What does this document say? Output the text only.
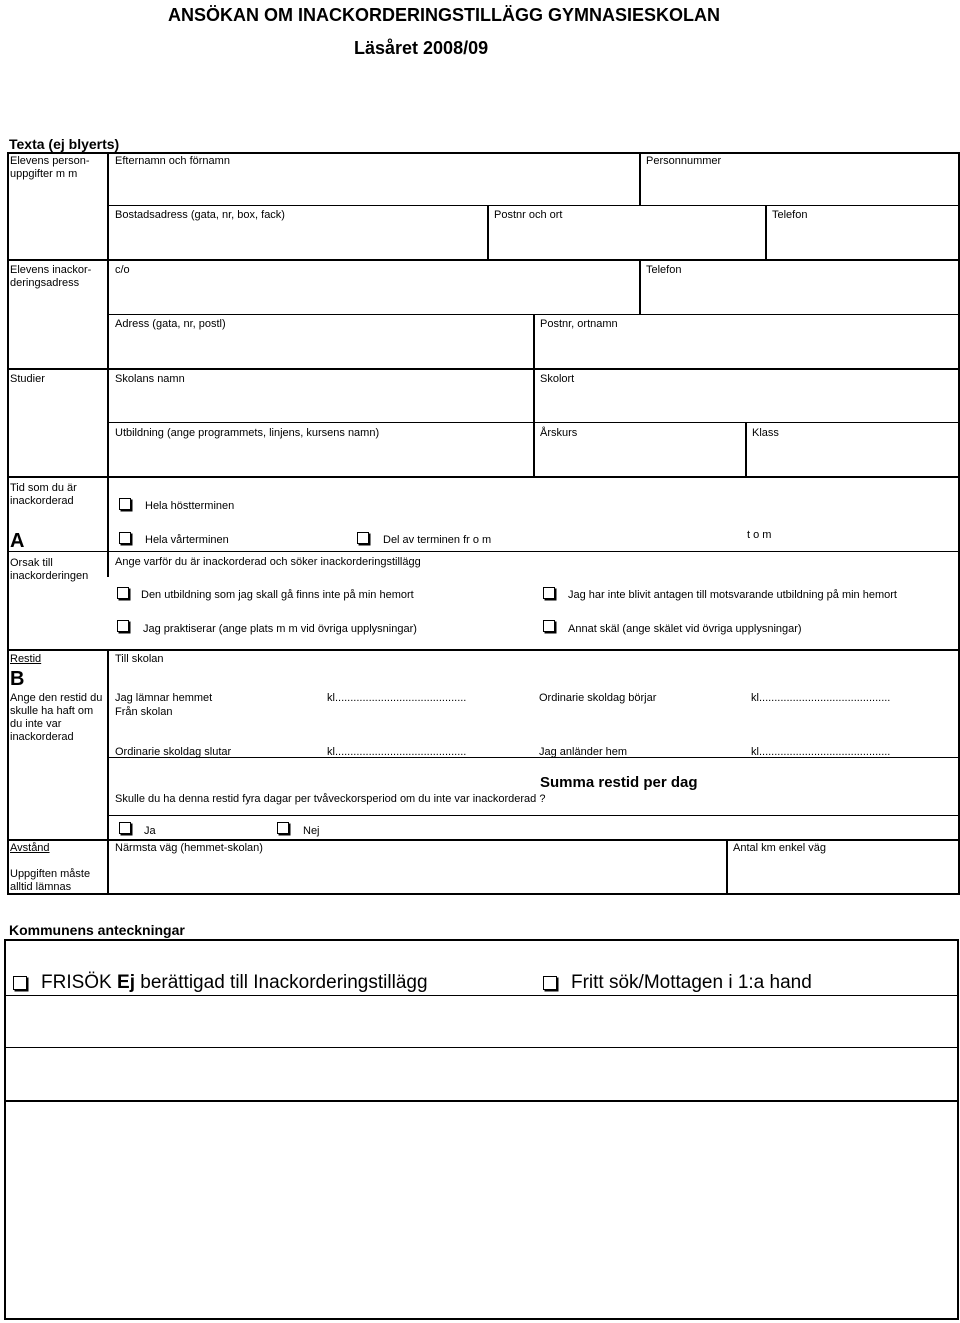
ANSÖKAN OM INACKORDERINGSTILLÄGG GYMNASIESKOLAN
Läsåret 2008/09
Texta (ej blyerts)
Elevens person-uppgifter m m
Efternamn och förnamn	Personnummer
Bostadsadress (gata, nr, box, fack)	Postnr och ort	Telefon
Elevens inackor-deringsadress
c/o	Telefon
Adress (gata, nr, postl)	Postnr, ortnamn
Studier	Skolans namn	Skolort
Utbildning (ange programmets, linjens, kursens namn)	Årskurs	Klass
Tid som du är inackorderad
A
Hela höstterminen
Hela vårterminen	Del av terminen fr o m	t o m
Orsak till inackorderingen
Ange varför du är inackorderad och söker inackorderingstillägg
Den utbildning som jag skall gå finns inte på min hemort	Jag har inte blivit antagen till motsvarande utbildning på min hemort
Jag praktiserar (ange plats m m vid övriga upplysningar)	Annat skäl (ange skälet vid övriga upplysningar)
Restid
B
Ange den restid du skulle ha haft om du inte var inackorderad
Till skolan
Jag lämnar hemmet	kl...........................................	Ordinarie skoldag börjar	kl...........................................
Från skolan
Ordinarie skoldag slutar	kl...........................................	Jag anländer hem	kl...........................................
Summa restid per dag
Skulle du ha denna restid fyra dagar per tvåveckorsperiod om du inte var inackorderad ?
Ja	Nej
Avstånd
Uppgiften måste alltid lämnas
Närmsta väg (hemmet-skolan)	Antal km enkel väg
Kommunens anteckningar
FRISÖK Ej berättigad till Inackorderingstillägg	Fritt sök/Mottagen i 1:a hand
